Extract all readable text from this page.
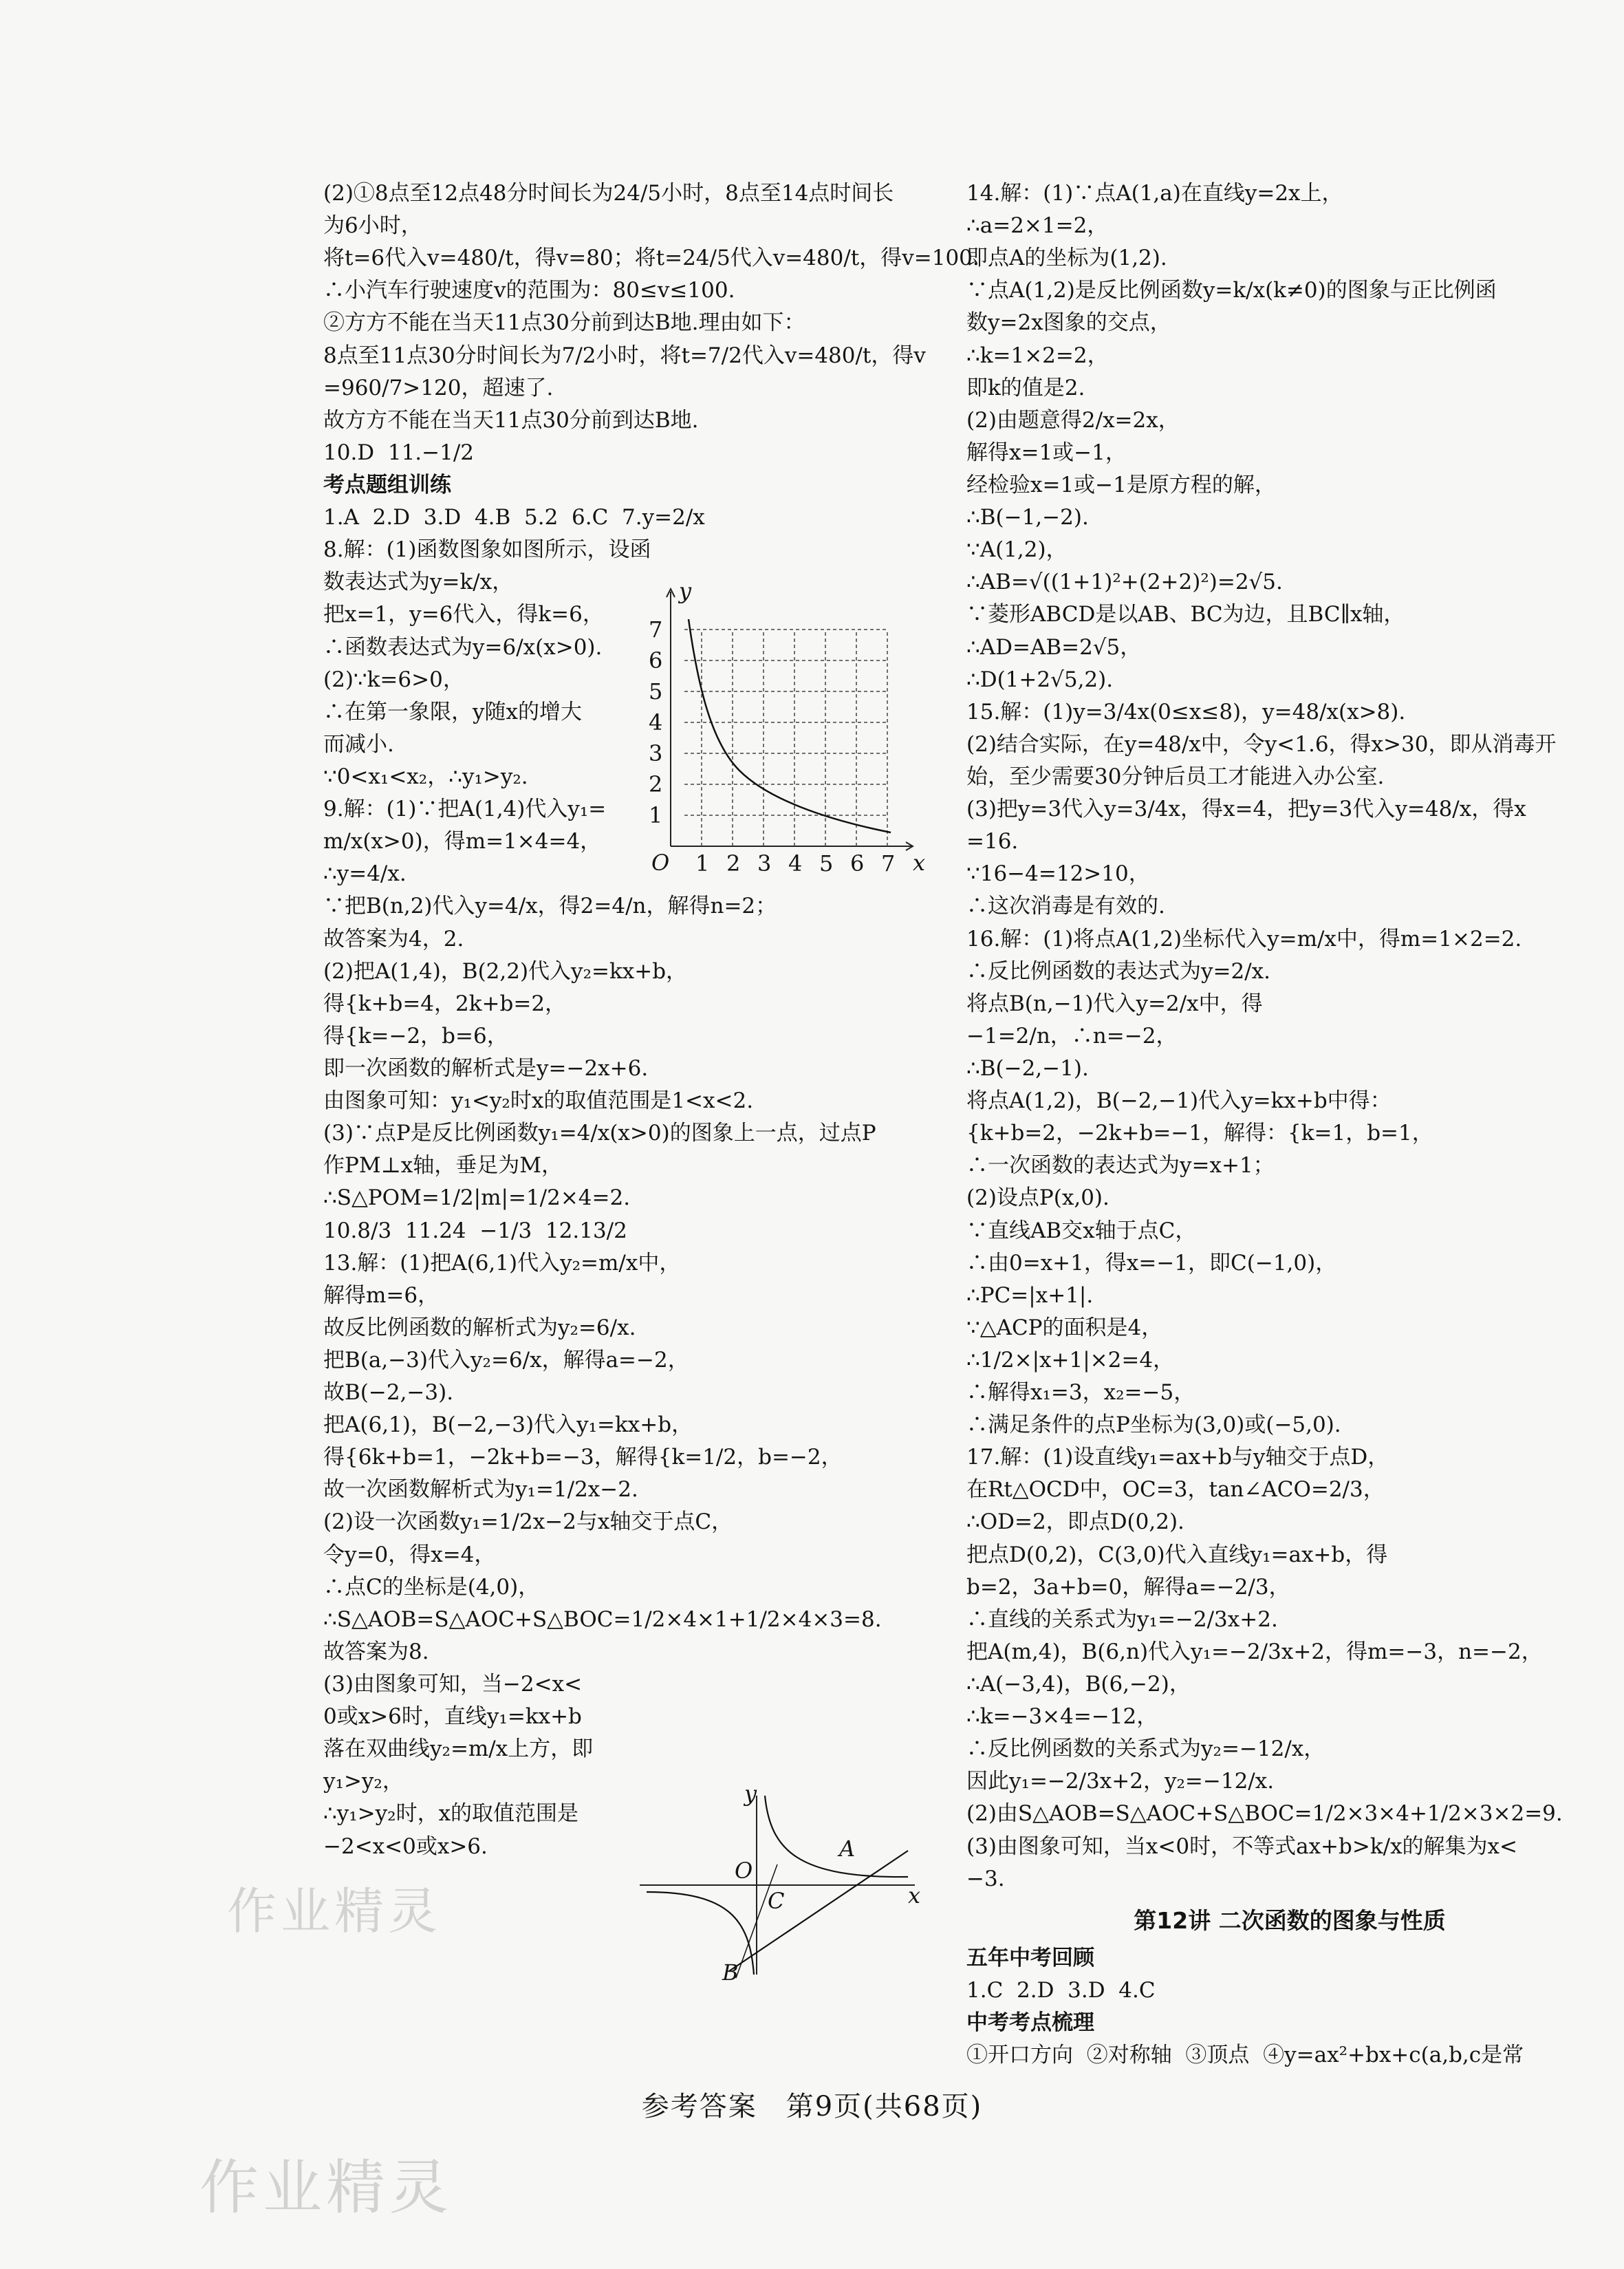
(2)①8点至12点48分时间长为24/5小时，8点至14点时间长
为6小时，
将t=6代入v=480/t，得v=80；将t=24/5代入v=480/t，得v=100.
∴小汽车行驶速度v的范围为：80≤v≤100.
②方方不能在当天11点30分前到达B地.理由如下：
8点至11点30分时间长为7/2小时，将t=7/2代入v=480/t，得v
=960/7>120，超速了.
故方方不能在当天11点30分前到达B地.
10.D  11.−1/2
考点题组训练
1.A  2.D  3.D  4.B  5.2  6.C  7.y=2/x
8.解：(1)函数图象如图所示，设函
数表达式为y=k/x，
把x=1，y=6代入，得k=6，
∴函数表达式为y=6/x(x>0).
(2)∵k=6>0，
∴在第一象限，y随x的增大
而减小.
∵0<x₁<x₂，∴y₁>y₂.
9.解：(1)∵把A(1,4)代入y₁=
m/x(x>0)，得m=1×4=4，
∴y=4/x.
∵把B(n,2)代入y=4/x，得2=4/n，解得n=2；
故答案为4，2.
(2)把A(1,4)，B(2,2)代入y₂=kx+b，
得{k+b=4，2k+b=2，
得{k=−2，b=6，
即一次函数的解析式是y=−2x+6.
由图象可知：y₁<y₂时x的取值范围是1<x<2.
(3)∵点P是反比例函数y₁=4/x(x>0)的图象上一点，过点P
作PM⊥x轴，垂足为M，
∴S△POM=1/2|m|=1/2×4=2.
10.8/3  11.24  −1/3  12.13/2
13.解：(1)把A(6,1)代入y₂=m/x中，
解得m=6，
故反比例函数的解析式为y₂=6/x.
把B(a,−3)代入y₂=6/x，解得a=−2，
故B(−2,−3).
把A(6,1)，B(−2,−3)代入y₁=kx+b，
得{6k+b=1，−2k+b=−3，解得{k=1/2，b=−2，
故一次函数解析式为y₁=1/2x−2.
(2)设一次函数y₁=1/2x−2与x轴交于点C，
令y=0，得x=4，
∴点C的坐标是(4,0)，
∴S△AOB=S△AOC+S△BOC=1/2×4×1+1/2×4×3=8.
故答案为8.
(3)由图象可知，当−2<x<
0或x>6时，直线y₁=kx+b
落在双曲线y₂=m/x上方，即
y₁>y₂，
∴y₁>y₂时，x的取值范围是
−2<x<0或x>6.
14.解：(1)∵点A(1,a)在直线y=2x上，
∴a=2×1=2，
即点A的坐标为(1,2).
∵点A(1,2)是反比例函数y=k/x(k≠0)的图象与正比例函
数y=2x图象的交点，
∴k=1×2=2，
即k的值是2.
(2)由题意得2/x=2x，
解得x=1或−1，
经检验x=1或−1是原方程的解，
∴B(−1,−2).
∵A(1,2)，
∴AB=√((1+1)²+(2+2)²)=2√5.
∵菱形ABCD是以AB、BC为边，且BC∥x轴，
∴AD=AB=2√5，
∴D(1+2√5,2).
15.解：(1)y=3/4x(0≤x≤8)，y=48/x(x>8).
(2)结合实际，在y=48/x中，令y<1.6，得x>30，即从消毒开
始，至少需要30分钟后员工才能进入办公室.
(3)把y=3代入y=3/4x，得x=4，把y=3代入y=48/x，得x
=16.
∵16−4=12>10，
∴这次消毒是有效的.
16.解：(1)将点A(1,2)坐标代入y=m/x中，得m=1×2=2.
∴反比例函数的表达式为y=2/x.
将点B(n,−1)代入y=2/x中，得
−1=2/n，∴n=−2，
∴B(−2,−1).
将点A(1,2)，B(−2,−1)代入y=kx+b中得：
{k+b=2，−2k+b=−1，解得：{k=1，b=1，
∴一次函数的表达式为y=x+1；
(2)设点P(x,0).
∵直线AB交x轴于点C，
∴由0=x+1，得x=−1，即C(−1,0)，
∴PC=|x+1|.
∵△ACP的面积是4，
∴1/2×|x+1|×2=4，
∴解得x₁=3，x₂=−5，
∴满足条件的点P坐标为(3,0)或(−5,0).
17.解：(1)设直线y₁=ax+b与y轴交于点D，
在Rt△OCD中，OC=3，tan∠ACO=2/3，
∴OD=2，即点D(0,2).
把点D(0,2)，C(3,0)代入直线y₁=ax+b，得
b=2，3a+b=0，解得a=−2/3，
∴直线的关系式为y₁=−2/3x+2.
把A(m,4)，B(6,n)代入y₁=−2/3x+2，得m=−3，n=−2，
∴A(−3,4)，B(6,−2)，
∴k=−3×4=−12，
∴反比例函数的关系式为y₂=−12/x，
因此y₁=−2/3x+2，y₂=−12/x.
(2)由S△AOB=S△AOC+S△BOC=1/2×3×4+1/2×3×2=9.
(3)由图象可知，当x<0时，不等式ax+b>k/x的解集为x<
−3.
第12讲 二次函数的图象与性质
五年中考回顾
1.C  2.D  3.D  4.C
中考考点梳理
①开口方向  ②对称轴  ③顶点  ④y=ax²+bx+c(a,b,c是常
1
1
2
2
3
3
4
4
5
5
6
6
7
7
O	x
y
y
O
C
A
B
x
参考答案　第9页(共68页)
作业精灵
作业精灵
